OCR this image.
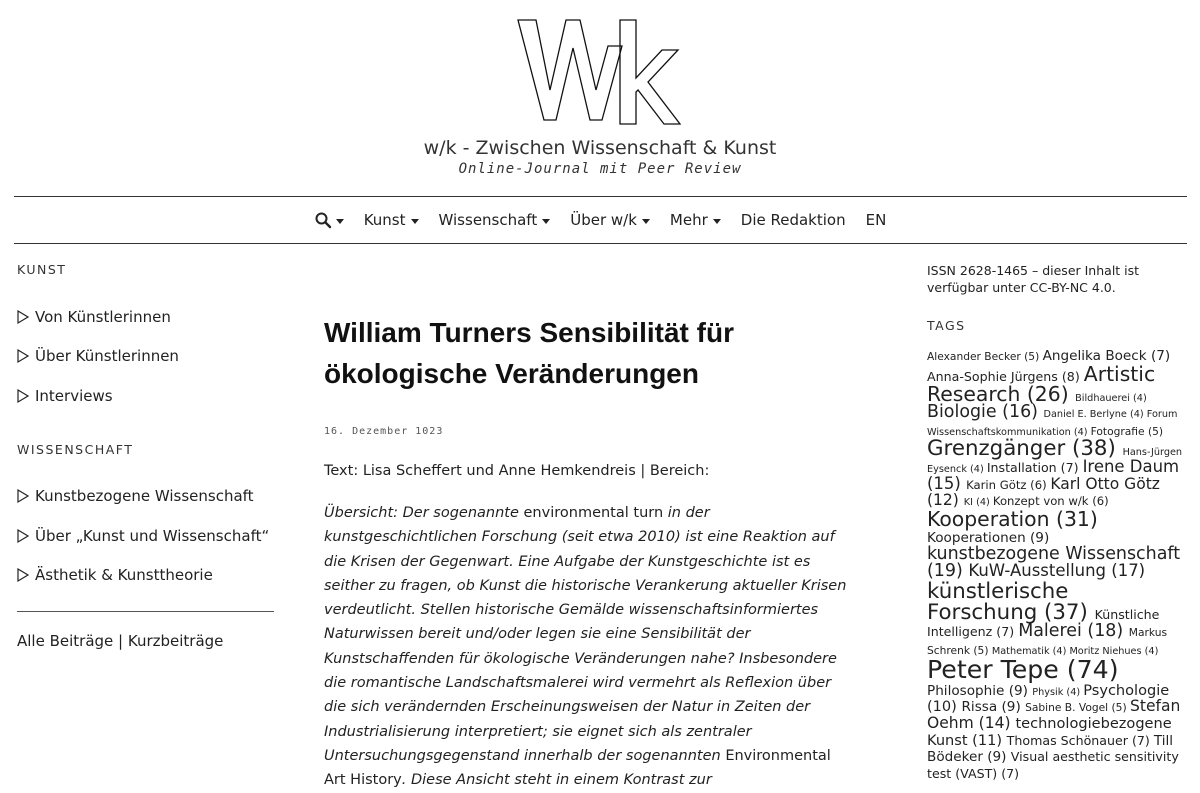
w/k - Zwischen Wissenschaft & Kunst
Online-Journal mit Peer Review
Kunst Wissenschaft Über w/k Mehr Die Redaktion EN
KUNST
Von Künstlerinnen
Über Künstlerinnen
Interviews
WISSENSCHAFT
Kunstbezogene Wissenschaft
Über „Kunst und Wissenschaft“
Ästhetik & Kunsttheorie
Alle Beiträge | Kurzbeiträge
William Turners Sensibilität für ökologische Veränderungen
16. Dezember 1023

Text: Lisa Scheffert und Anne Hemkendreis | Bereich:

Übersicht: Der sogenannte environmental turn in der kunstgeschichtlichen Forschung (seit etwa 2010) ist eine Reaktion auf die Krisen der Gegenwart. Eine Aufgabe der Kunstgeschichte ist es seither zu fragen, ob Kunst die historische Verankerung aktueller Krisen verdeutlicht. Stellen historische Gemälde wissenschaftsinformiertes Naturwissen bereit und/oder legen sie eine Sensibilität der Kunstschaffenden für ökologische Veränderungen nahe? Insbesondere die romantische Landschaftsmalerei wird vermehrt als Reflexion über die sich verändernden Erscheinungsweisen der Natur in Zeiten der Industrialisierung interpretiert; sie eignet sich als zentraler Untersuchungsgegenstand innerhalb der sogenannten Environmental Art History. Diese Ansicht steht in einem Kontrast zur

ISSN 2628-1465 – dieser Inhalt ist verfügbar unter CC-BY-NC 4.0.

TAGS
Alexander Becker (5) Angelika Boeck (7) Anna-Sophie Jürgens (8) Artistic Research (26) Bildhauerei (4) Biologie (16) Daniel E. Berlyne (4) Forum Wissenschaftskommunikation (4) Fotografie (5) Grenzgänger (38) Hans-Jürgen Eysenck (4) Installation (7) Irene Daum (15) Karin Götz (6) Karl Otto Götz (12) KI (4) Konzept von w/k (6) Kooperation (31) Kooperationen (9) kunstbezogene Wissenschaft (19) KuW-Ausstellung (17) künstlerische Forschung (37) Künstliche Intelligenz (7) Malerei (18) Markus Schrenk (5) Mathematik (4) Moritz Niehues (4) Peter Tepe (74) Philosophie (9) Physik (4) Psychologie (10) Rissa (9) Sabine B. Vogel (5) Stefan Oehm (14) technologiebezogene Kunst (11) Thomas Schönauer (7) Till Bödeker (9) Visual aesthetic sensitivity test (VAST) (7)
